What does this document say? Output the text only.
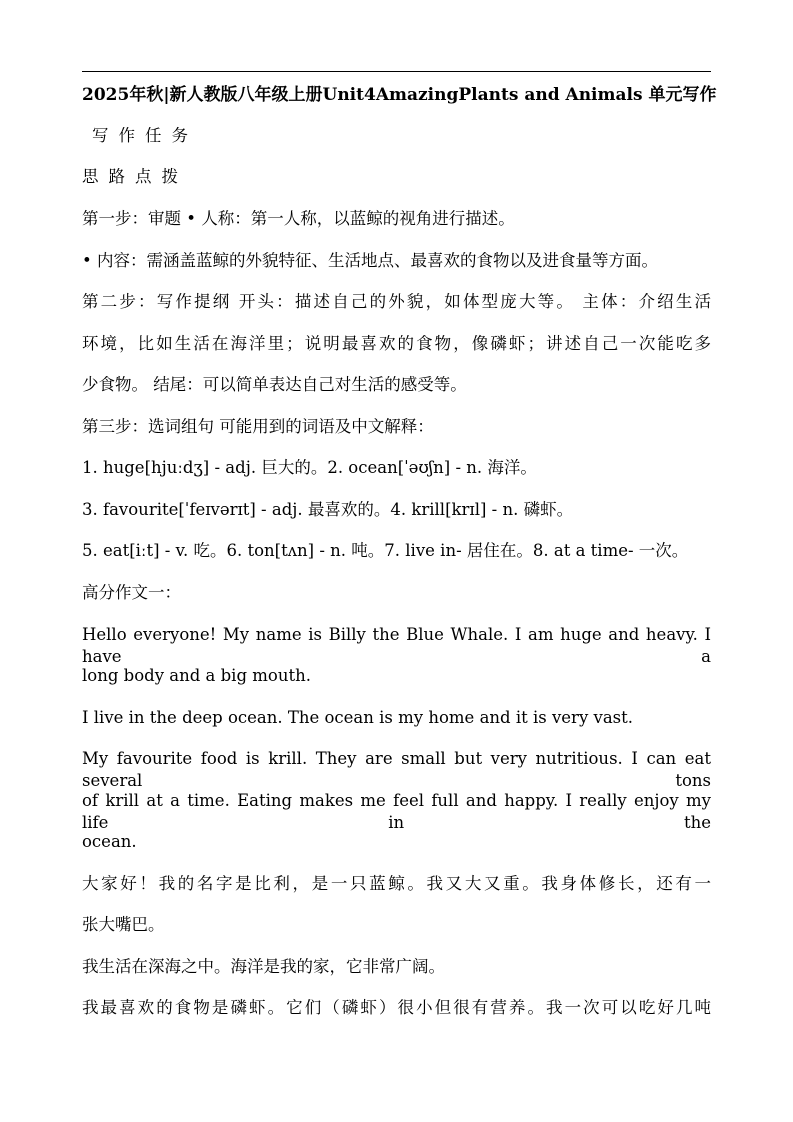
2025年秋|新人教版八年级上册Unit4AmazingPlants and Animals 单元写作
写作任务
思路点拨
第一步：审题 • 人称：第一人称，以蓝鲸的视角进行描述。
• 内容：需涵盖蓝鲸的外貌特征、生活地点、最喜欢的食物以及进食量等方面。
第二步：写作提纲 开头：描述自己的外貌，如体型庞大等。 主体：介绍生活
环境，比如生活在海洋里；说明最喜欢的食物，像磷虾；讲述自己一次能吃多
少食物。 结尾：可以简单表达自己对生活的感受等。
第三步：选词组句 可能用到的词语及中文解释：
1. huge[hjuːdʒ] - adj. 巨大的。2. ocean[ˈəʊʃn] - n. 海洋。
3. favourite[ˈfeɪvərɪt] - adj. 最喜欢的。4. krill[krɪl] - n. 磷虾。
5. eat[iːt] - v. 吃。6. ton[tʌn] - n. 吨。7. live in- 居住在。8. at a time- 一次。
高分作文一：
Hello everyone! My name is Billy the Blue Whale. I am huge and heavy. I have a
long body and a big mouth.
I live in the deep ocean. The ocean is my home and it is very vast.
My favourite food is krill. They are small but very nutritious. I can eat several tons
of krill at a time. Eating makes me feel full and happy. I really enjoy my life in the
ocean.
大家好！我的名字是比利，是一只蓝鲸。我又大又重。我身体修长，还有一
张大嘴巴。
我生活在深海之中。海洋是我的家，它非常广阔。
我最喜欢的食物是磷虾。它们（磷虾）很小但很有营养。我一次可以吃好几吨
